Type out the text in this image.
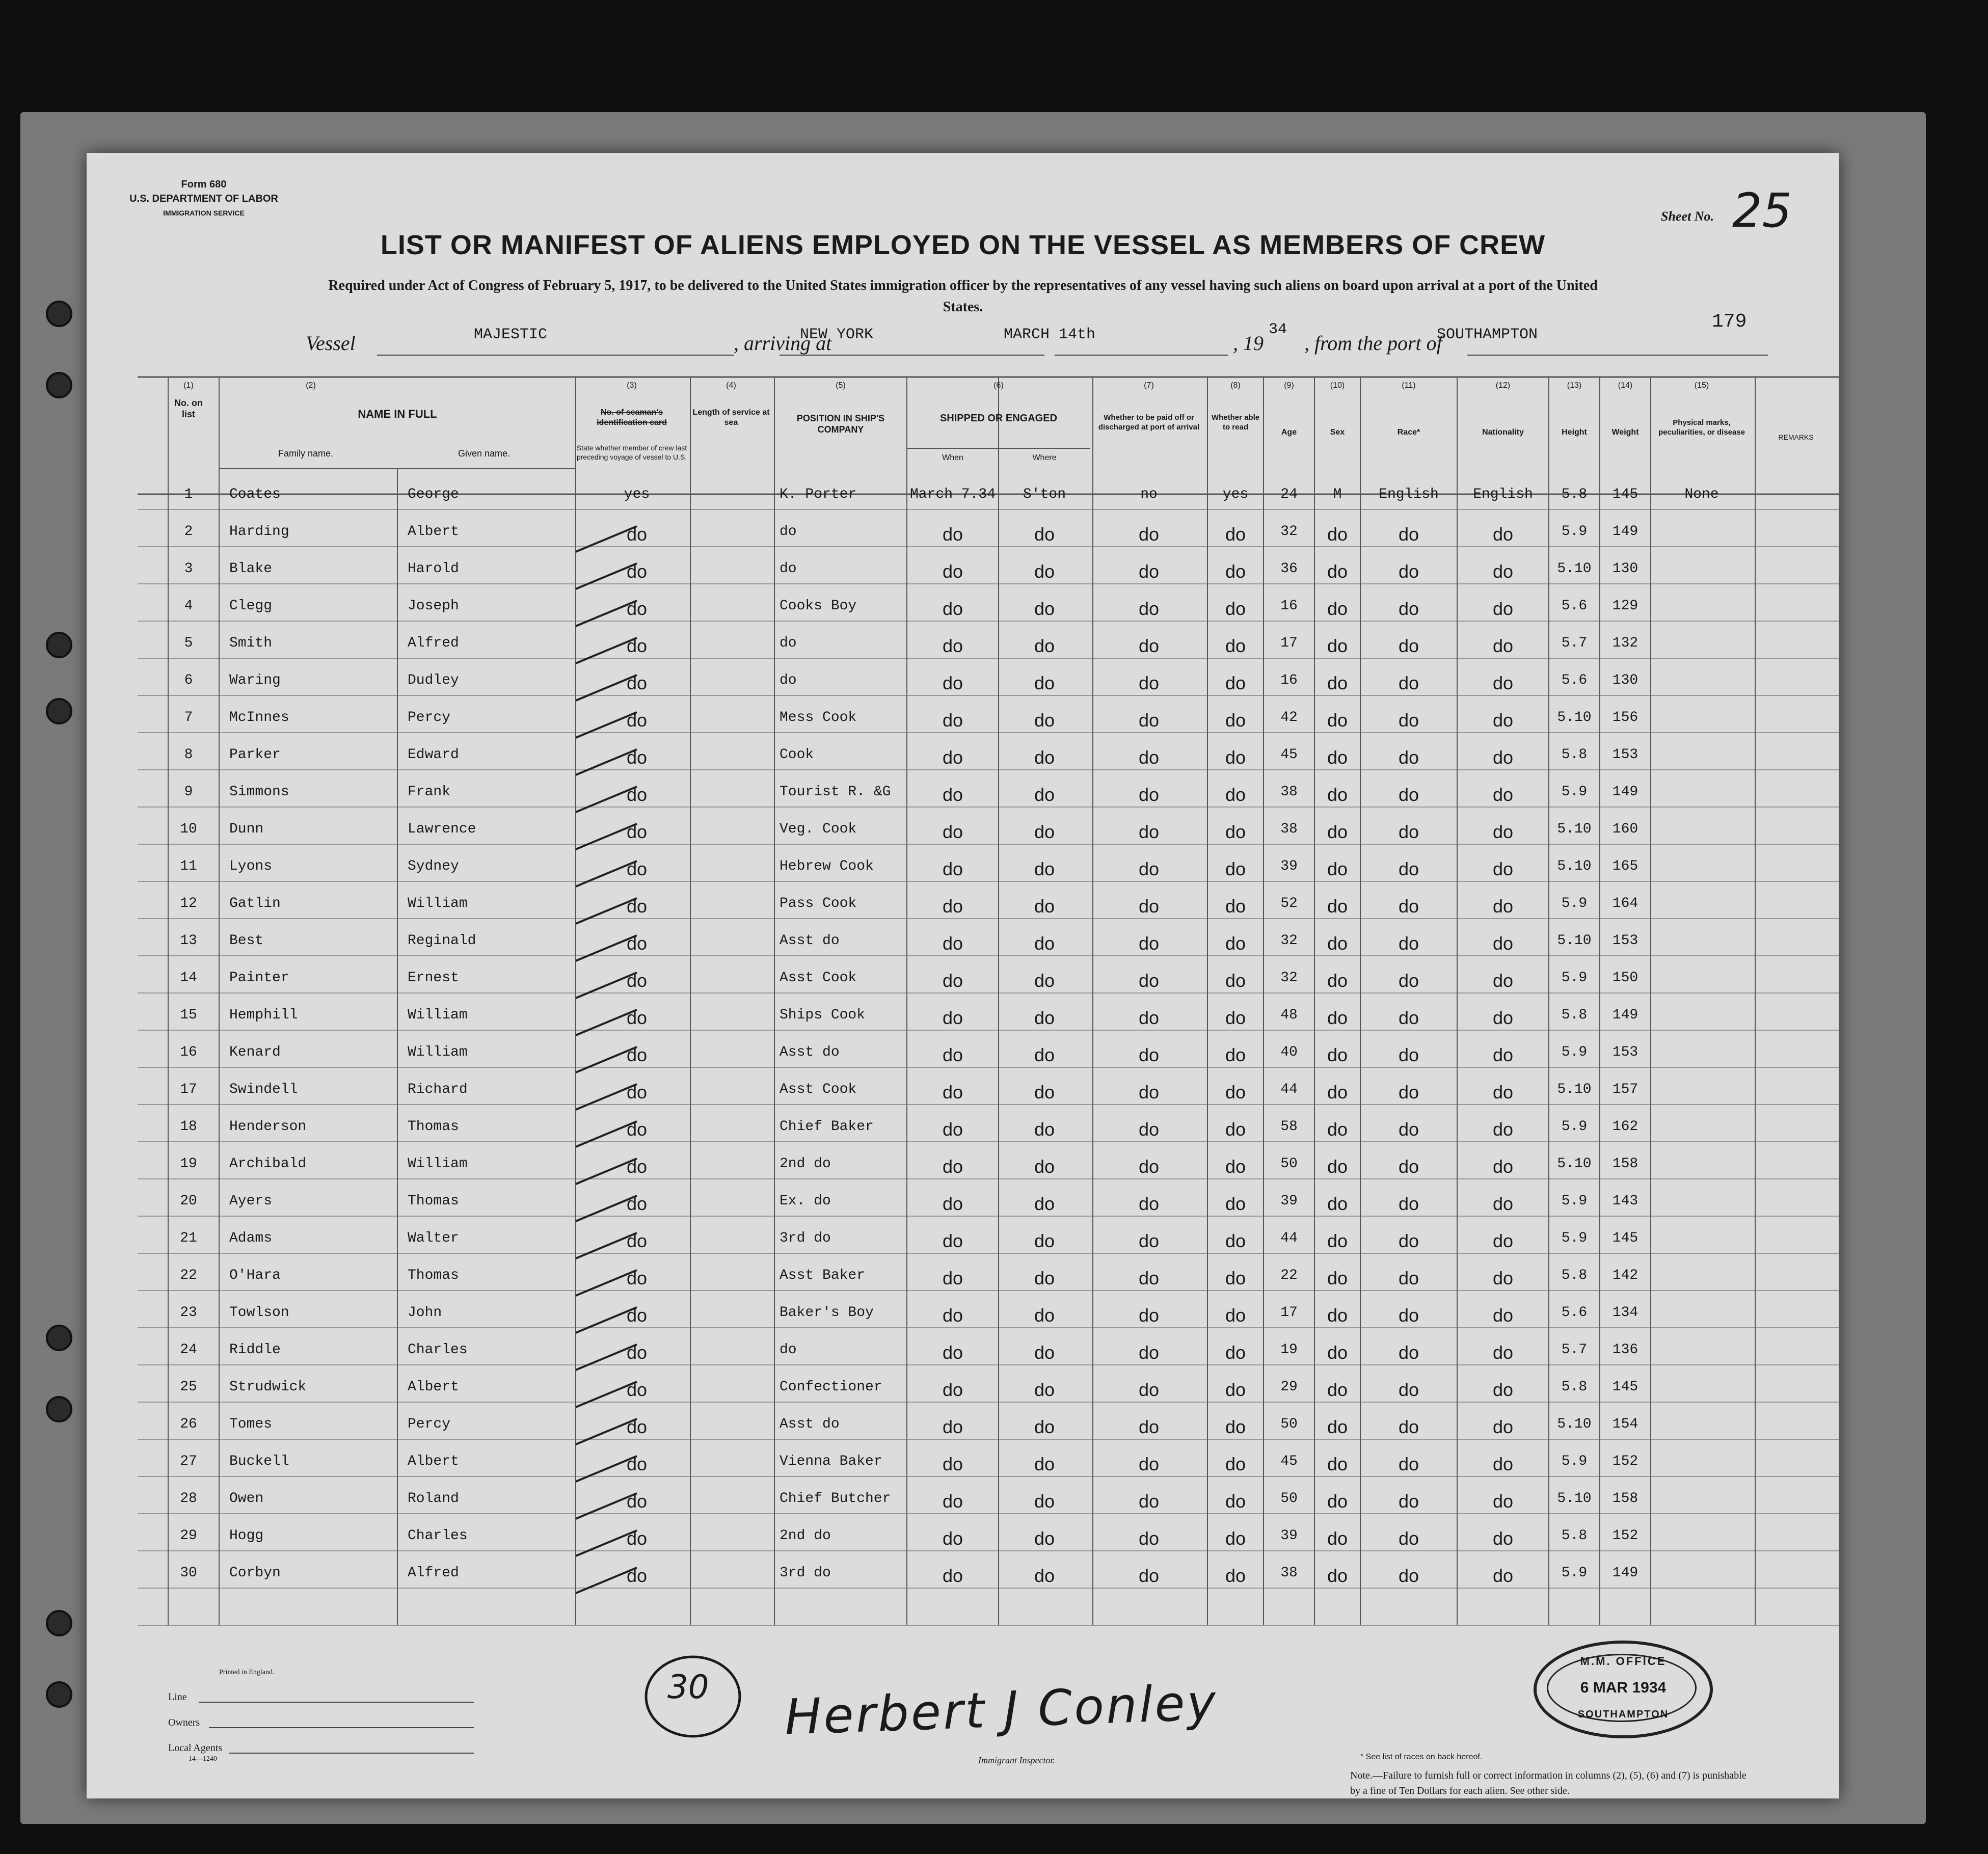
Form 680
U.S. DEPARTMENT OF LABOR
IMMIGRATION SERVICE
LIST OR MANIFEST OF ALIENS EMPLOYED ON THE VESSEL AS MEMBERS OF CREW
Required under Act of Congress of February 5, 1917, to be delivered to the United States immigration officer by the representatives of any vessel having such aliens on board upon arrival at a port of the United States.
Sheet No. 25
179
Vessel	MAJESTIC	, arriving at
NEW YORK	MARCH 14th	, 19
34
, from the port of
SOUTHAMPTON
No. on list	NAME IN FULL
Family name.	Given name.
No. of seaman's identification card
State whether member of crew last preceding voyage of vessel to U.S.
Length of service at sea	POSITION IN SHIP'S COMPANY
SHIPPED OR ENGAGED
When	Where
Whether to be paid off or discharged at port of arrival
Whether able to read
Age	Sex	Race*	Nationality	Height	Weight
Physical marks, peculiarities, or disease
REMARKS
(1)	(2)	(3)	(4)	(5)	(6)	(7)	(8)	(9)	(10)	(11)	(12)	(13)	(14)	(15)
1	Coates	George	yes	K. Porter	March 7.34	S'ton	no	yes	24	M	English	English	5.8	145	None
2	Harding	Albert	do	do	do	do	do	do	32	do	do	do	5.9	149
3	Blake	Harold	do	do	do	do	do	do	36	do	do	do	5.10	130
4	Clegg	Joseph	do	Cooks Boy	do	do	do	do	16	do	do	do	5.6	129
5	Smith	Alfred	do	do	do	do	do	do	17	do	do	do	5.7	132
6	Waring	Dudley	do	do	do	do	do	do	16	do	do	do	5.6	130
7	McInnes	Percy	do	Mess Cook	do	do	do	do	42	do	do	do	5.10	156
8	Parker	Edward	do	Cook	do	do	do	do	45	do	do	do	5.8	153
9	Simmons	Frank	do	Tourist R. &G	do	do	do	do	38	do	do	do	5.9	149
10	Dunn	Lawrence	do	Veg. Cook	do	do	do	do	38	do	do	do	5.10	160
11	Lyons	Sydney	do	Hebrew Cook	do	do	do	do	39	do	do	do	5.10	165
12	Gatlin	William	do	Pass Cook	do	do	do	do	52	do	do	do	5.9	164
13	Best	Reginald	do	Asst do	do	do	do	do	32	do	do	do	5.10	153
14	Painter	Ernest	do	Asst Cook	do	do	do	do	32	do	do	do	5.9	150
15	Hemphill	William	do	Ships Cook	do	do	do	do	48	do	do	do	5.8	149
16	Kenard	William	do	Asst do	do	do	do	do	40	do	do	do	5.9	153
17	Swindell	Richard	do	Asst Cook	do	do	do	do	44	do	do	do	5.10	157
18	Henderson	Thomas	do	Chief Baker	do	do	do	do	58	do	do	do	5.9	162
19	Archibald	William	do	2nd do	do	do	do	do	50	do	do	do	5.10	158
20	Ayers	Thomas	do	Ex. do	do	do	do	do	39	do	do	do	5.9	143
21	Adams	Walter	do	3rd do	do	do	do	do	44	do	do	do	5.9	145
22	O'Hara	Thomas	do	Asst Baker	do	do	do	do	22	do	do	do	5.8	142
23	Towlson	John	do	Baker's Boy	do	do	do	do	17	do	do	do	5.6	134
24	Riddle	Charles	do	do	do	do	do	do	19	do	do	do	5.7	136
25	Strudwick	Albert	do	Confectioner	do	do	do	do	29	do	do	do	5.8	145
26	Tomes	Percy	do	Asst do	do	do	do	do	50	do	do	do	5.10	154
27	Buckell	Albert	do	Vienna Baker	do	do	do	do	45	do	do	do	5.9	152
28	Owen	Roland	do	Chief Butcher	do	do	do	do	50	do	do	do	5.10	158
29	Hogg	Charles	do	2nd do	do	do	do	do	39	do	do	do	5.8	152
30	Corbyn	Alfred	do	3rd do	do	do	do	do	38	do	do	do	5.9	149
Printed in England.
Line
Owners
Local Agents
14—1240
30 Herbert J Conley
Immigrant Inspector.
M.M. OFFICE
6 MAR 1934
SOUTHAMPTON
* See list of races on back hereof.
Note.—Failure to furnish full or correct information in columns (2), (5), (6) and (7) is punishable by a fine of Ten Dollars for each alien. See other side.
